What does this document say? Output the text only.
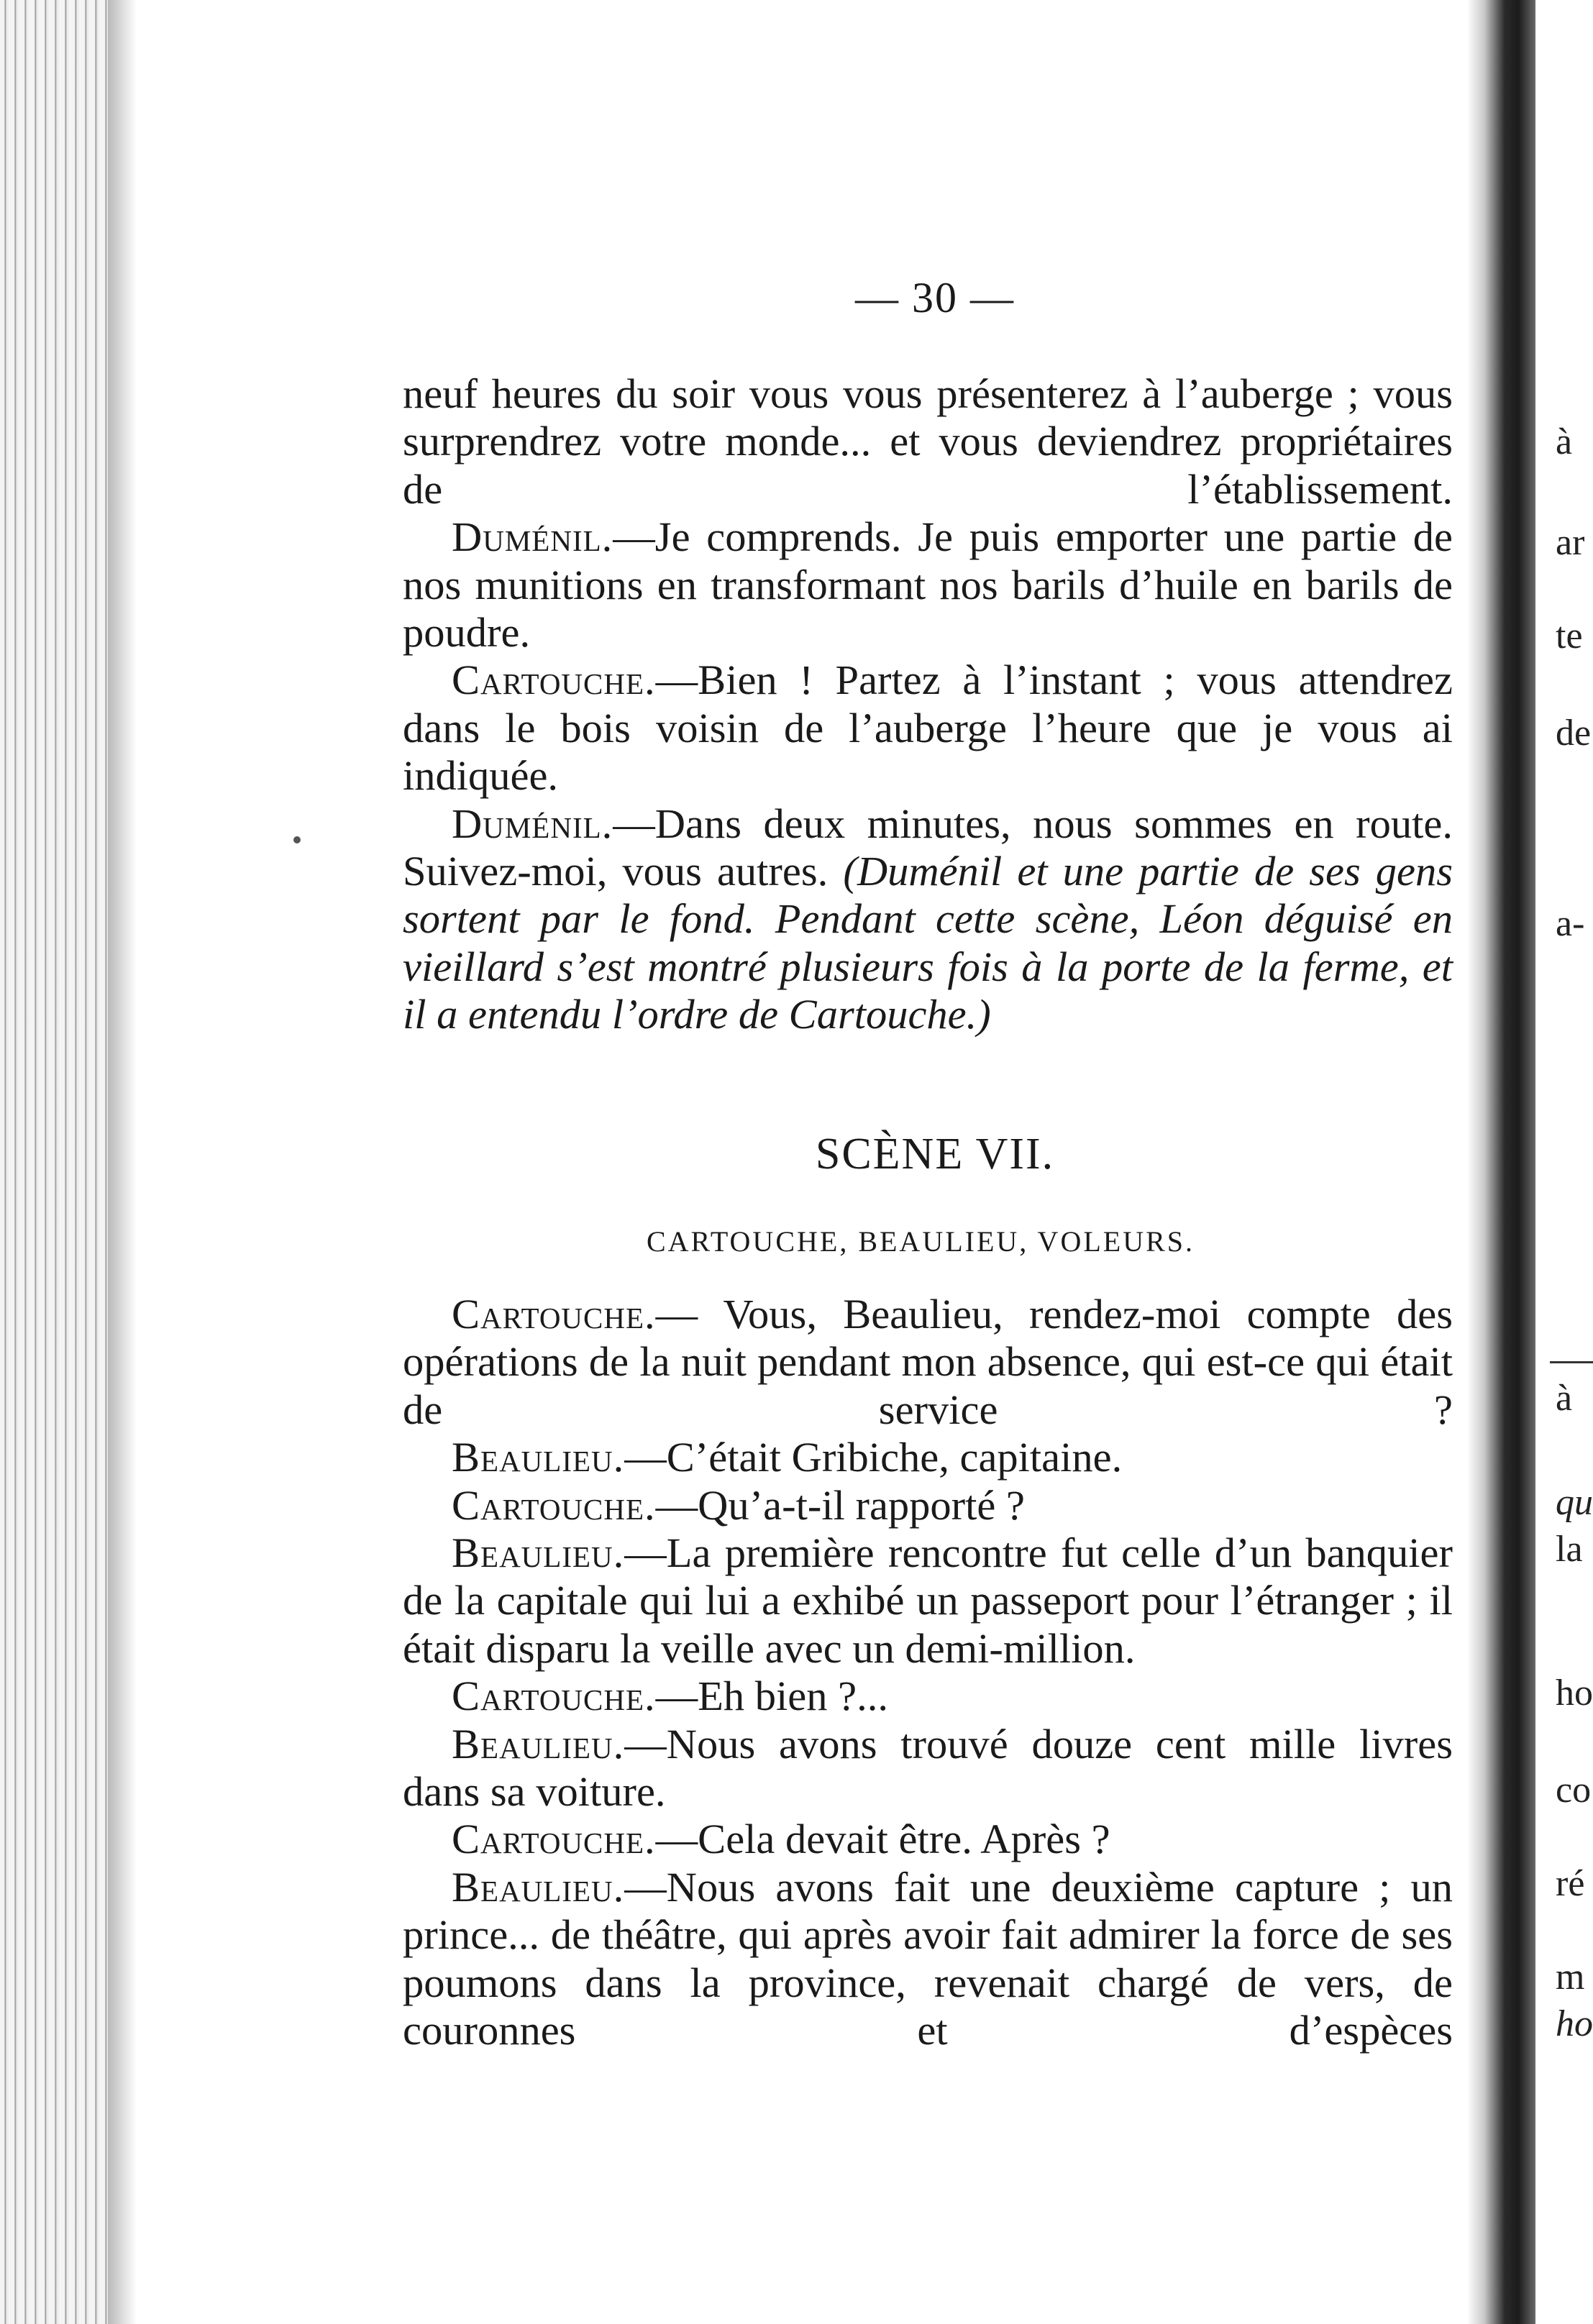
— 30 —

neuf heures du soir vous vous présenterez à l’auberge ; vous surprendrez votre monde... et vous deviendrez propriétaires de l’établissement.

Duménil.—Je comprends. Je puis emporter une partie de nos munitions en transformant nos barils d’huile en barils de poudre.

Cartouche.—Bien ! Partez à l’instant ; vous attendrez dans le bois voisin de l’auberge l’heure que je vous ai indiquée.

Duménil.—Dans deux minutes, nous sommes en route. Suivez-moi, vous autres. (Duménil et une partie de ses gens sortent par le fond. Pendant cette scène, Léon déguisé en vieillard s’est montré plusieurs fois à la porte de la ferme, et il a entendu l’ordre de Cartouche.)

SCÈNE VII.
CARTOUCHE, BEAULIEU, VOLEURS.

Cartouche.— Vous, Beaulieu, rendez-moi compte des opérations de la nuit pendant mon absence, qui est-ce qui était de service ?

Beaulieu.—C’était Gribiche, capitaine.

Cartouche.—Qu’a-t-il rapporté ?

Beaulieu.—La première rencontre fut celle d’un banquier de la capitale qui lui a exhibé un passeport pour l’étranger ; il était disparu la veille avec un demi-million.

Cartouche.—Eh bien ?...

Beaulieu.—Nous avons trouvé douze cent mille livres dans sa voiture.

Cartouche.—Cela devait être. Après ?

Beaulieu.—Nous avons fait une deuxième capture ; un prince... de théâtre, qui après avoir fait admirer la force de ses poumons dans la province, revenait chargé de vers, de couronnes et d’espèces

à
ar
te
de
a-
à
qu
la
ho
co
ré
m
ho
